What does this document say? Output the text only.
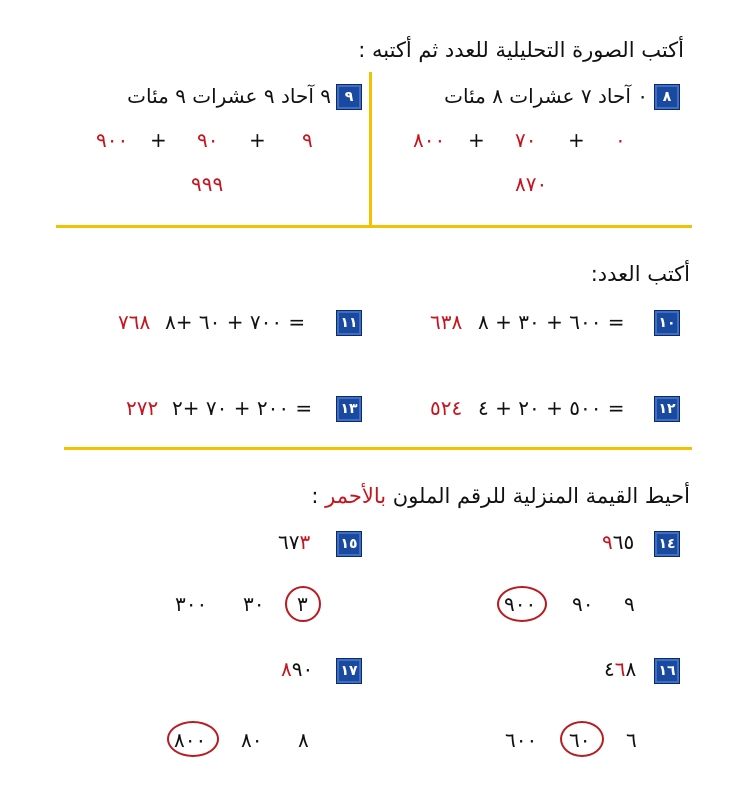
أكتب الصورة التحليلية للعدد ثم أكتبه :
٨
٠ آحاد ٧ عشرات ٨ مئات
٠
+
٧٠
+
٨٠٠
٨٧٠
٩
٩ آحاد ٩ عشرات ٩ مئات
٩
+
٩٠
+
٩٠٠
٩٩٩
أكتب العدد:
١٠
٦٠٠ + ٣٠ + ٨ =
٦٣٨
١١
٧٠٠ + ٦٠ +٨ =
٧٦٨
١٢
٥٠٠ + ٢٠ + ٤ =
٥٢٤
١٣
٢٠٠ + ٧٠ +٢ =
٢٧٢
أحيط القيمة المنزلية للرقم الملون بالأحمر :
١٤
٩٦٥
٩
٩٠
٩٠٠
١٥
٦٧٣
٣
٣٠
٣٠٠
١٦
٤٦٨
٦
٦٠
٦٠٠
١٧
٨٩٠
٨
٨٠
٨٠٠
